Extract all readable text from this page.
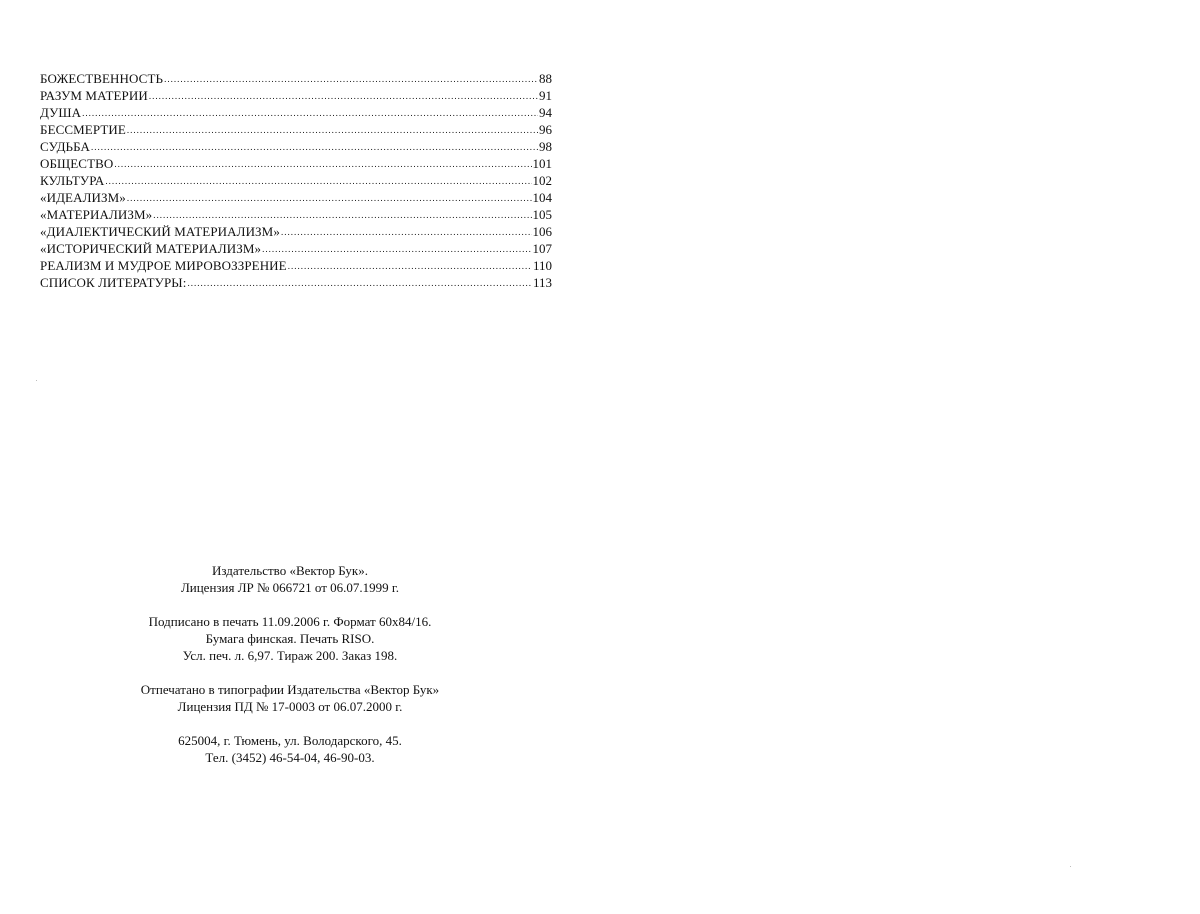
БОЖЕСТВЕННОСТЬ .....	88
РАЗУМ МАТЕРИИ .....	91
ДУША .....	94
БЕССМЕРТИЕ .....	96
СУДЬБА .....	98
ОБЩЕСТВО .....	101
КУЛЬТУРА .....	102
«ИДЕАЛИЗМ» .....	104
«МАТЕРИАЛИЗМ» .....	105
«ДИАЛЕКТИЧЕСКИЙ МАТЕРИАЛИЗМ» .....	106
«ИСТОРИЧЕСКИЙ МАТЕРИАЛИЗМ» .....	107
РЕАЛИЗМ И МУДРОЕ МИРОВОЗЗРЕНИЕ .....	110
СПИСОК ЛИТЕРАТУРЫ: .....	113
Издательство «Вектор Бук».
Лицензия ЛР № 066721 от 06.07.1999 г.
Подписано в печать 11.09.2006 г. Формат 60х84/16.
Бумага финская. Печать RISO.
Усл. печ. л. 6,97. Тираж 200. Заказ 198.
Отпечатано в типографии Издательства «Вектор Бук»
Лицензия ПД № 17-0003 от 06.07.2000 г.
625004, г. Тюмень, ул. Володарского, 45.
Тел. (3452) 46-54-04, 46-90-03.
